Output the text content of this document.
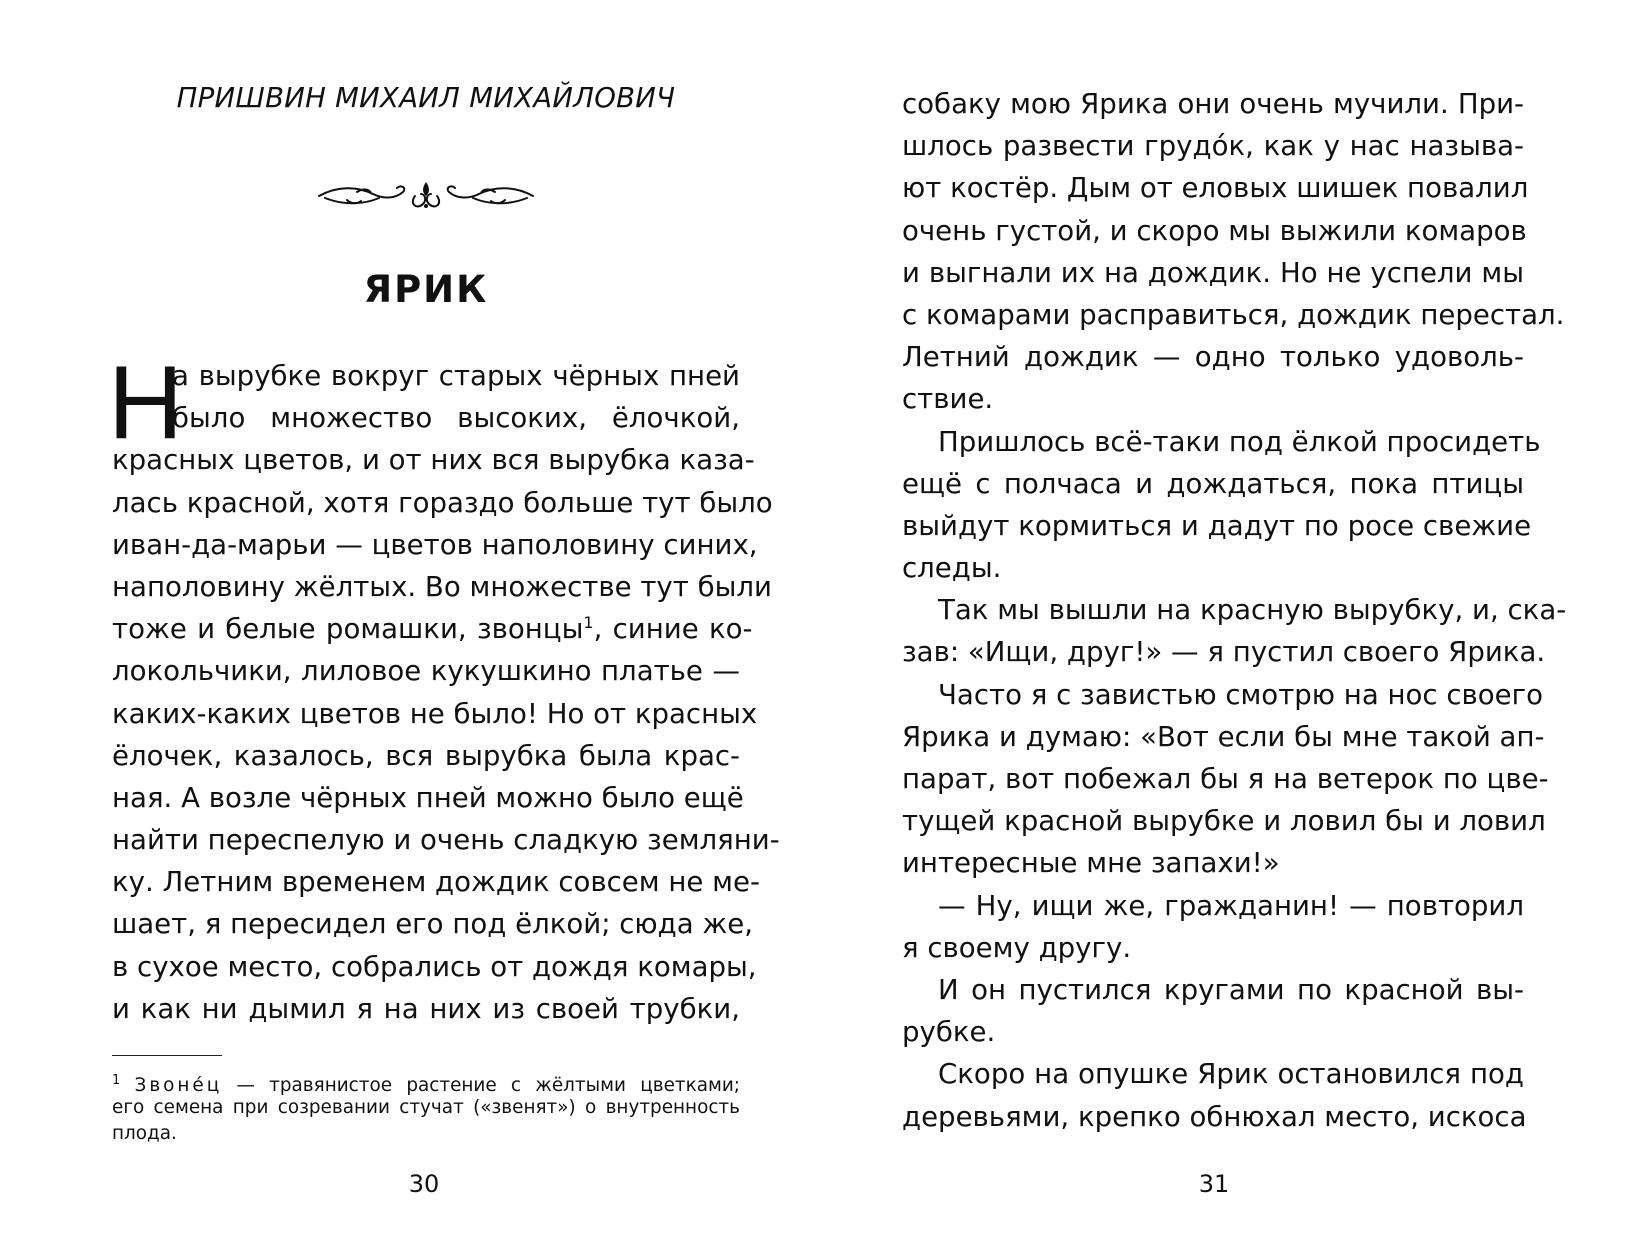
ПРИШВИН МИХАИЛ МИХАЙЛОВИЧ
ЯРИК
Н
а вырубке вокруг старых чёрных пней
было множество высоких, ёлочкой,
красных цветов, и от них вся вырубка каза-
лась красной, хотя гораздо больше тут было
иван-да-марьи — цветов наполовину синих,
наполовину жёлтых. Во множестве тут были
тоже и белые ромашки, звонцы$^1$, синие ко-
локольчики, лиловое кукушкино платье —
каких-каких цветов не было! Но от красных
ёлочек, казалось, вся вырубка была крас-
ная. А возле чёрных пней можно было ещё
найти переспелую и очень сладкую земляни-
ку. Летним временем дождик совсем не ме-
шает, я пересидел его под ёлкой; сюда же,
в сухое место, собрались от дождя комары,
и как ни дымил я на них из своей трубки,
$^1$ Звоне́ц — травянистое растение с жёлтыми цветками;
его семена при созревании стучат («звенят») о внутренность
плода.
30
собаку мою Ярика они очень мучили. При-
шлось развести грудо́к, как у нас называ-
ют костёр. Дым от еловых шишек повалил
очень густой, и скоро мы выжили комаров
и выгнали их на дождик. Но не успели мы
с комарами расправиться, дождик перестал.
Летний дождик — одно только удоволь-
ствие.
Пришлось всё-таки под ёлкой просидеть
ещё с полчаса и дождаться, пока птицы
выйдут кормиться и дадут по росе свежие
следы.
Так мы вышли на красную вырубку, и, ска-
зав: «Ищи, друг!» — я пустил своего Ярика.
Часто я с завистью смотрю на нос своего
Ярика и думаю: «Вот если бы мне такой ап-
парат, вот побежал бы я на ветерок по цве-
тущей красной вырубке и ловил бы и ловил
интересные мне запахи!»
— Ну, ищи же, гражданин! — повторил
я своему другу.
И он пустился кругами по красной вы-
рубке.
Скоро на опушке Ярик остановился под
деревьями, крепко обнюхал место, искоса
31
